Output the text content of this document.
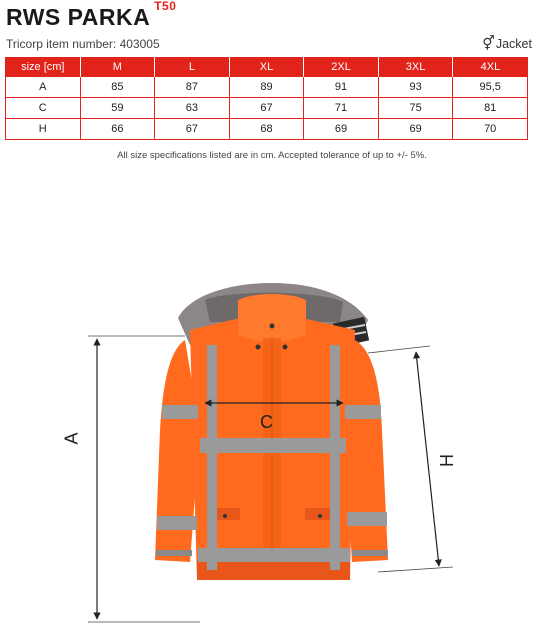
RWS PARKA $^{T50}$
Tricorp item number: 403005	⚥Jacket
size [cm]	M	L	XL	2XL	3XL	4XL
A	85	87	89	91	93	95,5
C	59	63	67	71	75	81
H	66	67	68	69	69	70
All size specifications listed are in cm. Accepted tolerance of up to +/- 5%.
A
C
H
